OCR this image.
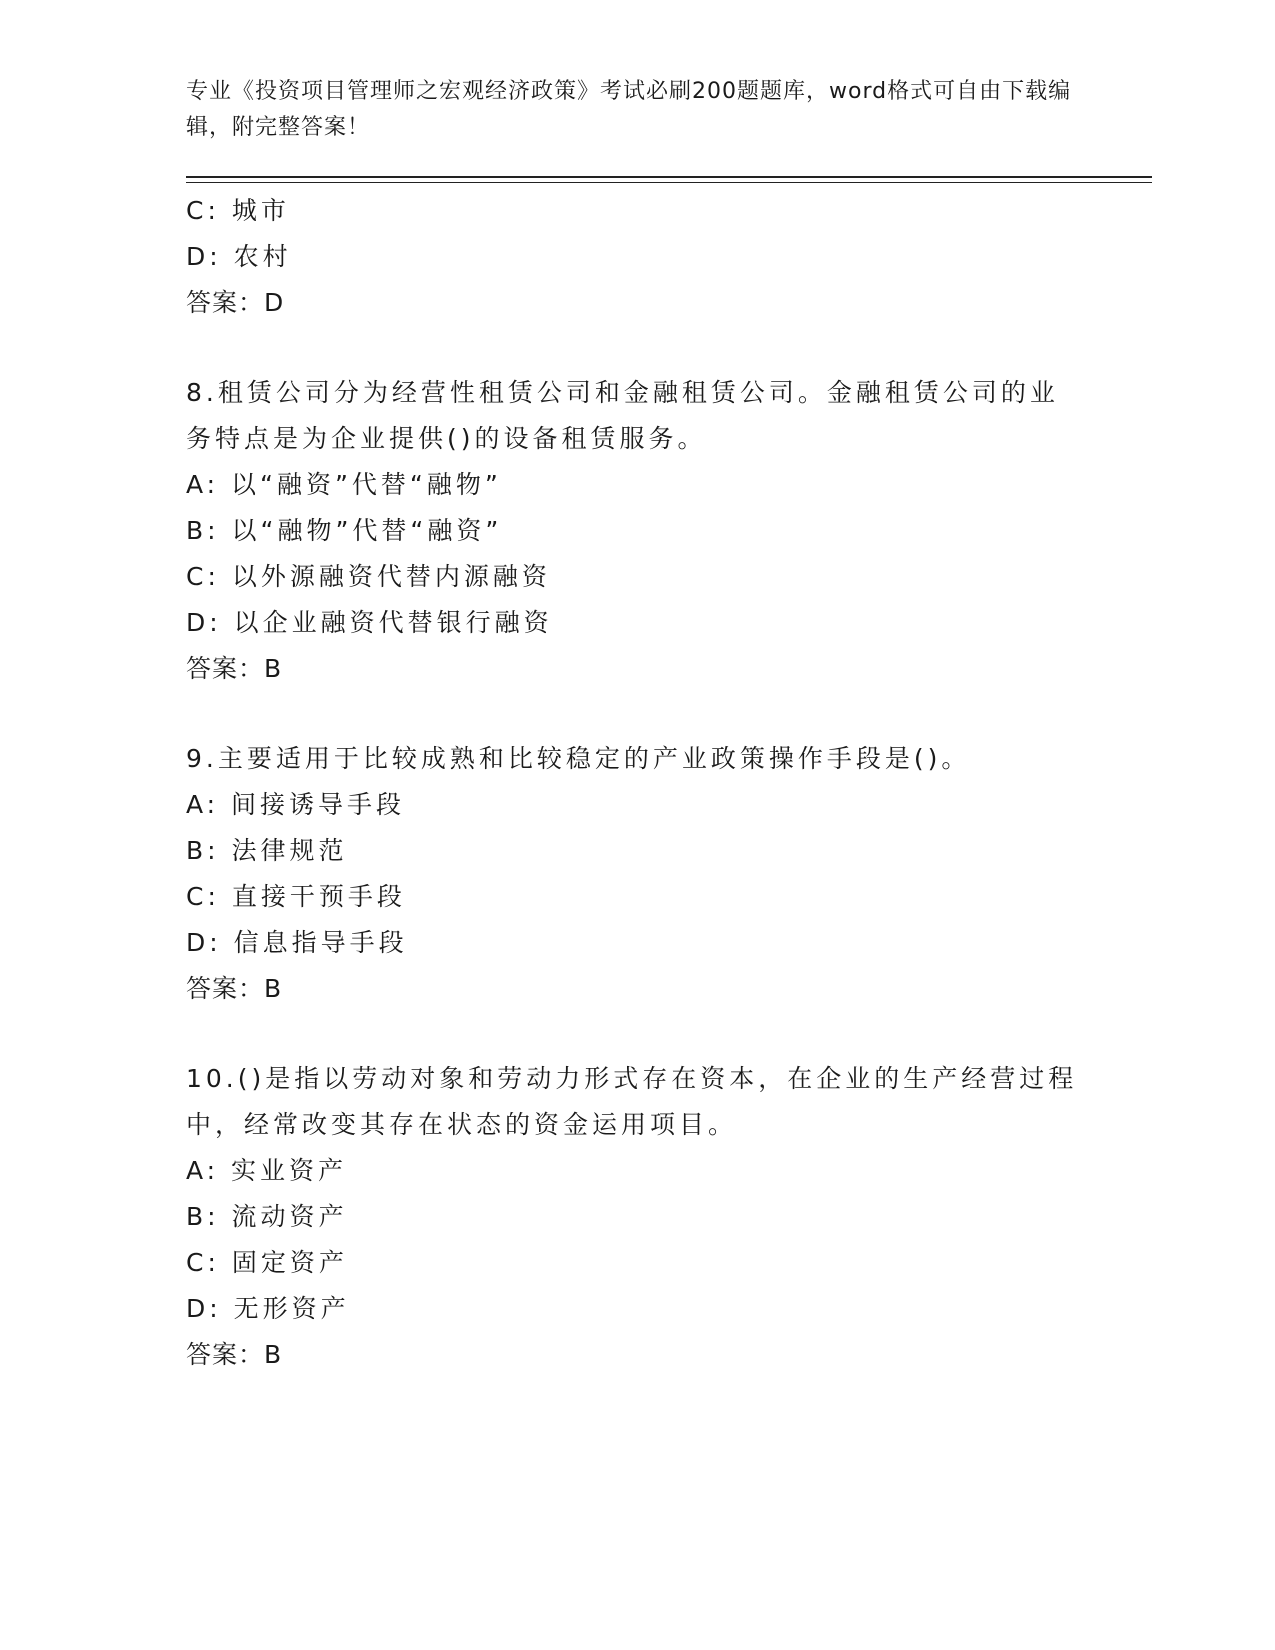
专业《投资项目管理师之宏观经济政策》考试必刷200题题库，word格式可自由下载编辑，附完整答案！
C: 城市
D: 农村
答案：D
8.租赁公司分为经营性租赁公司和金融租赁公司。金融租赁公司的业
务特点是为企业提供()的设备租赁服务。
A: 以“融资”代替“融物”
B: 以“融物”代替“融资”
C: 以外源融资代替内源融资
D: 以企业融资代替银行融资
答案：B
9.主要适用于比较成熟和比较稳定的产业政策操作手段是()。
A: 间接诱导手段
B: 法律规范
C: 直接干预手段
D: 信息指导手段
答案：B
10.()是指以劳动对象和劳动力形式存在资本，在企业的生产经营过程
中，经常改变其存在状态的资金运用项目。
A: 实业资产
B: 流动资产
C: 固定资产
D: 无形资产
答案：B
